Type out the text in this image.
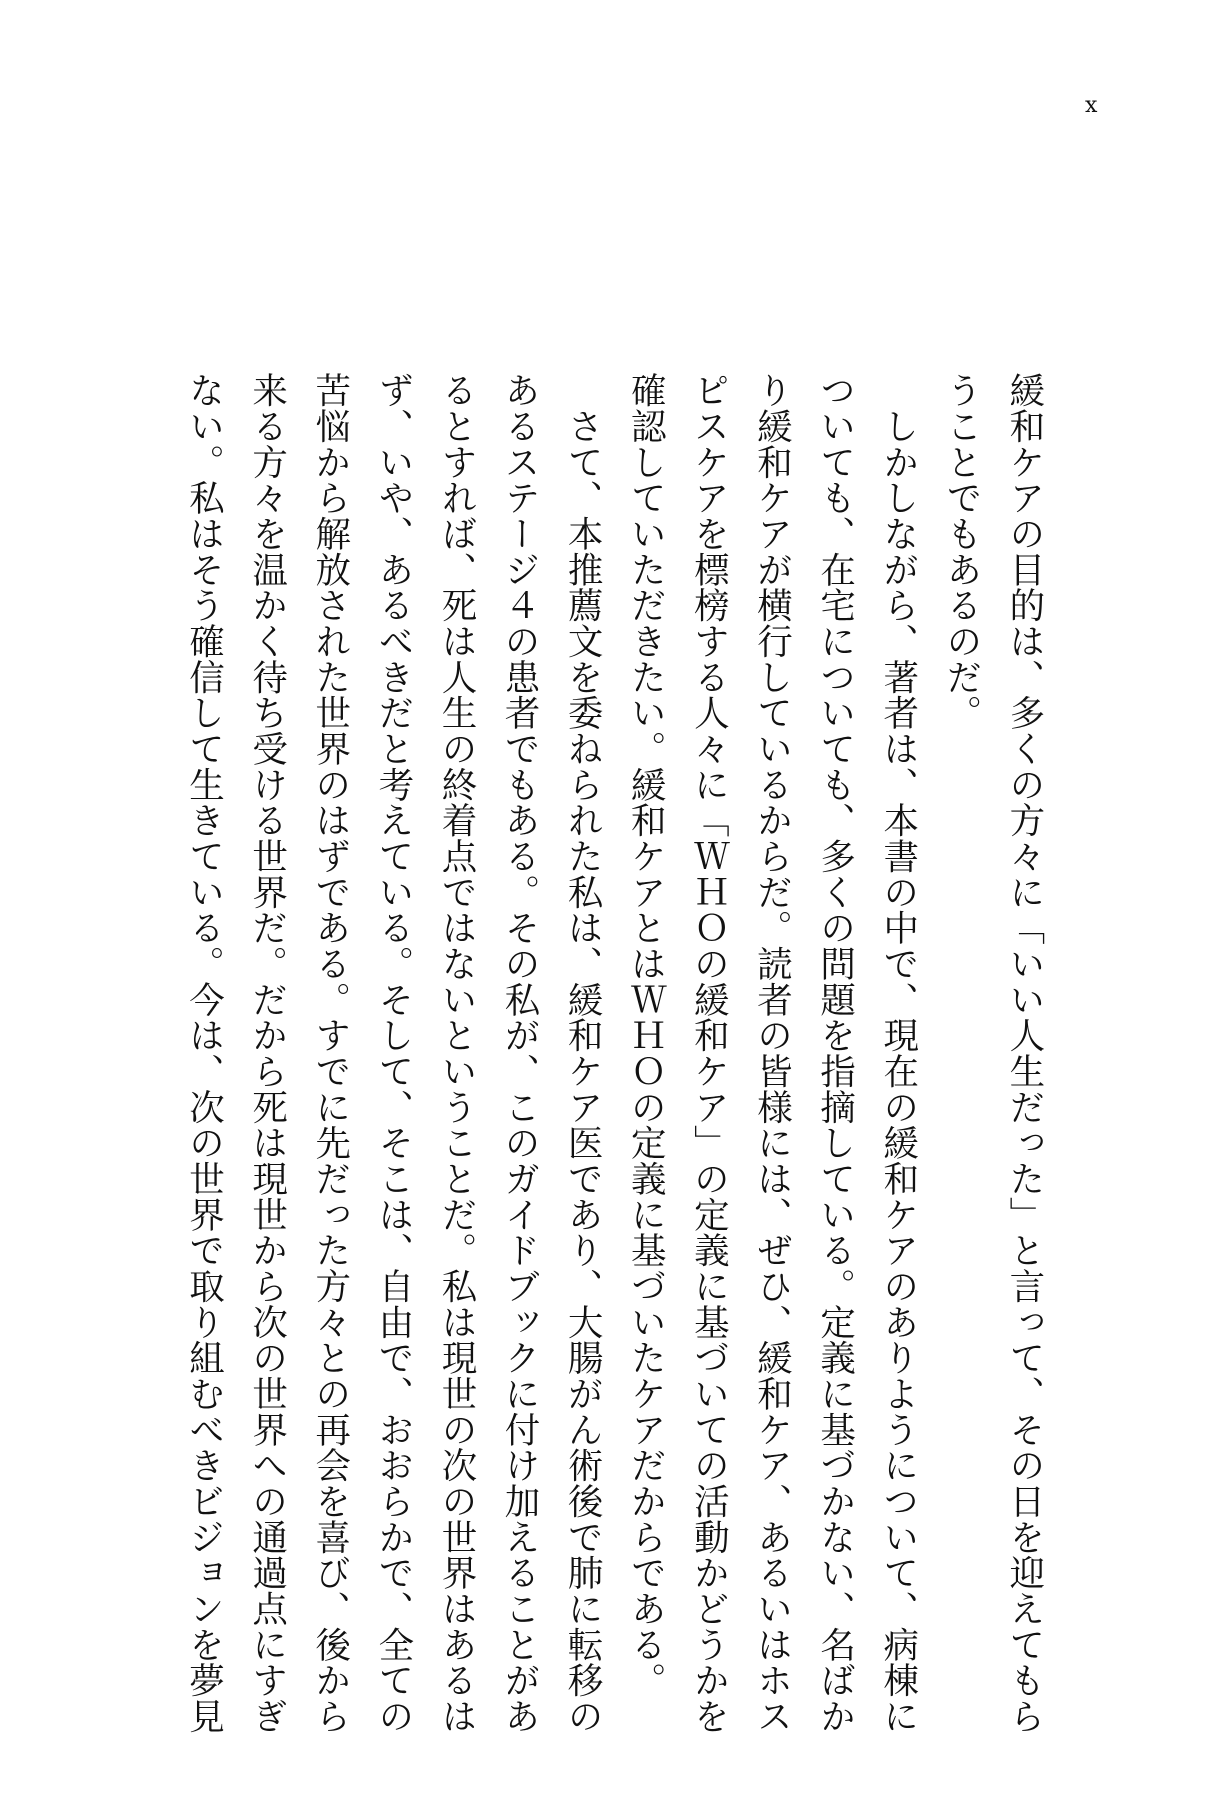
x
緩和ケアの目的は、多くの方々に「いい人生だった」と言って、その日を迎えてもら
うことでもあるのだ。
　しかしながら、著者は、本書の中で、現在の緩和ケアのありようについて、病棟に
ついても、在宅についても、多くの問題を指摘している。定義に基づかない、名ばか
り緩和ケアが横行しているからだ。読者の皆様には、ぜひ、緩和ケア、あるいはホス
ピスケアを標榜する人々に「ＷＨＯの緩和ケア」の定義に基づいての活動かどうかを
確認していただきたい。緩和ケアとはＷＨＯの定義に基づいたケアだからである。
　さて、本推薦文を委ねられた私は、緩和ケア医であり、大腸がん術後で肺に転移の
あるステージ４の患者でもある。その私が、このガイドブックに付け加えることがあ
るとすれば、死は人生の終着点ではないということだ。私は現世の次の世界はあるは
ず、いや、あるべきだと考えている。そして、そこは、自由で、おおらかで、全ての
苦悩から解放された世界のはずである。すでに先だった方々との再会を喜び、後から
来る方々を温かく待ち受ける世界だ。だから死は現世から次の世界への通過点にすぎ
ない。私はそう確信して生きている。今は、次の世界で取り組むべきビジョンを夢見
